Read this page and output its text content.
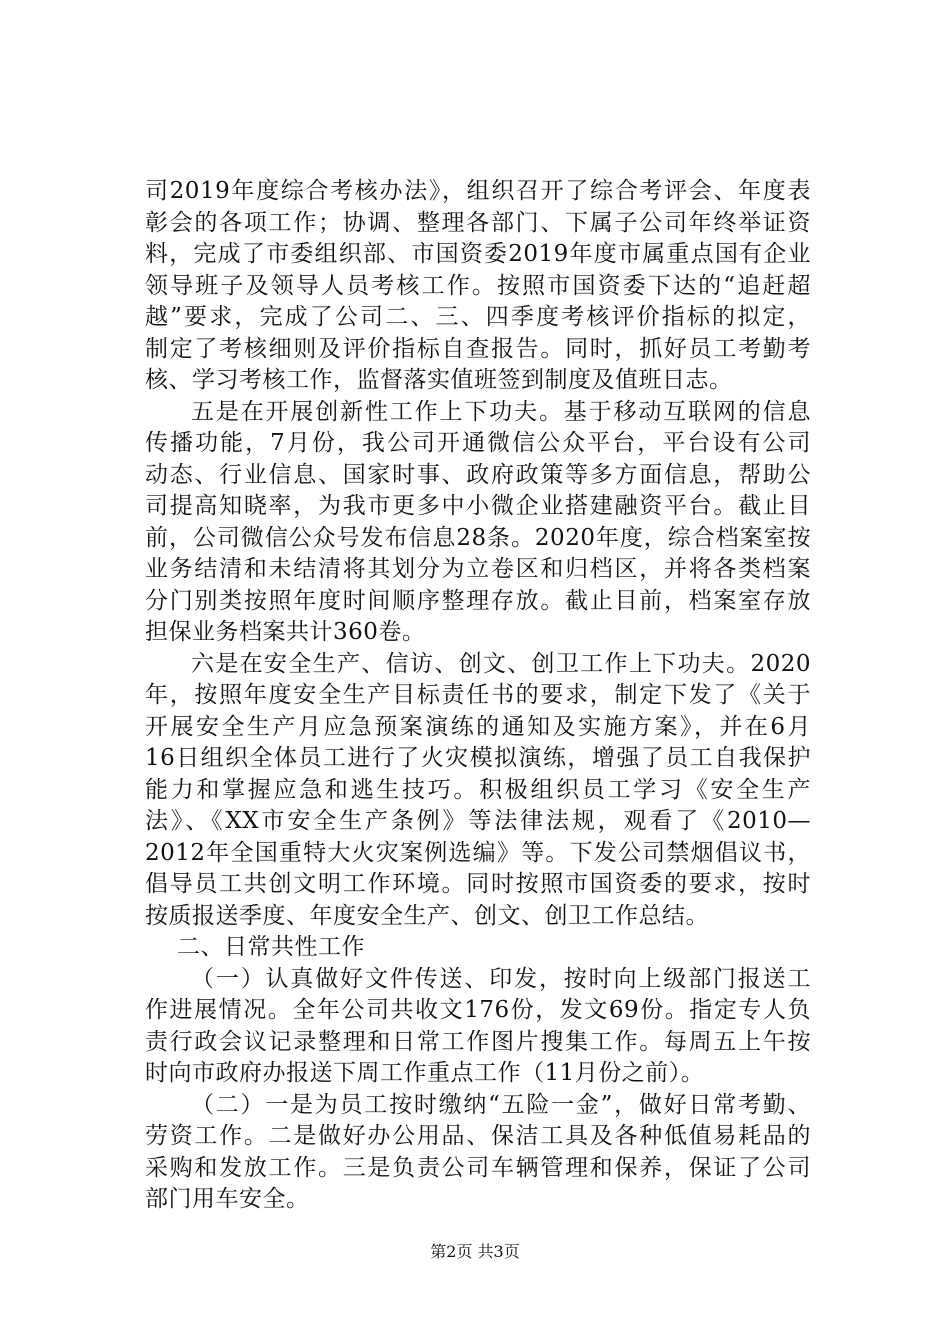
司2019年度综合考核办法》，组织召开了综合考评会、年度表
彰会的各项工作；协调、整理各部门、下属子公司年终举证资
料，完成了市委组织部、市国资委2019年度市属重点国有企业
领导班子及领导人员考核工作。按照市国资委下达的“追赶超
越”要求，完成了公司二、三、四季度考核评价指标的拟定，
制定了考核细则及评价指标自查报告。同时，抓好员工考勤考
核、学习考核工作，监督落实值班签到制度及值班日志。
五是在开展创新性工作上下功夫。基于移动互联网的信息
传播功能，7月份，我公司开通微信公众平台，平台设有公司
动态、行业信息、国家时事、政府政策等多方面信息，帮助公
司提高知晓率，为我市更多中小微企业搭建融资平台。截止目
前，公司微信公众号发布信息28条。2020年度，综合档案室按
业务结清和未结清将其划分为立卷区和归档区，并将各类档案
分门别类按照年度时间顺序整理存放。截止目前，档案室存放
担保业务档案共计360卷。
六是在安全生产、信访、创文、创卫工作上下功夫。2020
年，按照年度安全生产目标责任书的要求，制定下发了《关于
开展安全生产月应急预案演练的通知及实施方案》，并在6月
16日组织全体员工进行了火灾模拟演练，增强了员工自我保护
能力和掌握应急和逃生技巧。积极组织员工学习《安全生产
法》、《XX市安全生产条例》等法律法规，观看了《2010—
2012年全国重特大火灾案例选编》等。下发公司禁烟倡议书，
倡导员工共创文明工作环境。同时按照市国资委的要求，按时
按质报送季度、年度安全生产、创文、创卫工作总结。
二、日常共性工作
（一）认真做好文件传送、印发，按时向上级部门报送工
作进展情况。全年公司共收文176份，发文69份。指定专人负
责行政会议记录整理和日常工作图片搜集工作。每周五上午按
时向市政府办报送下周工作重点工作（11月份之前）。
（二）一是为员工按时缴纳“五险一金”，做好日常考勤、
劳资工作。二是做好办公用品、保洁工具及各种低值易耗品的
采购和发放工作。三是负责公司车辆管理和保养，保证了公司
部门用车安全。
第2页 共3页
